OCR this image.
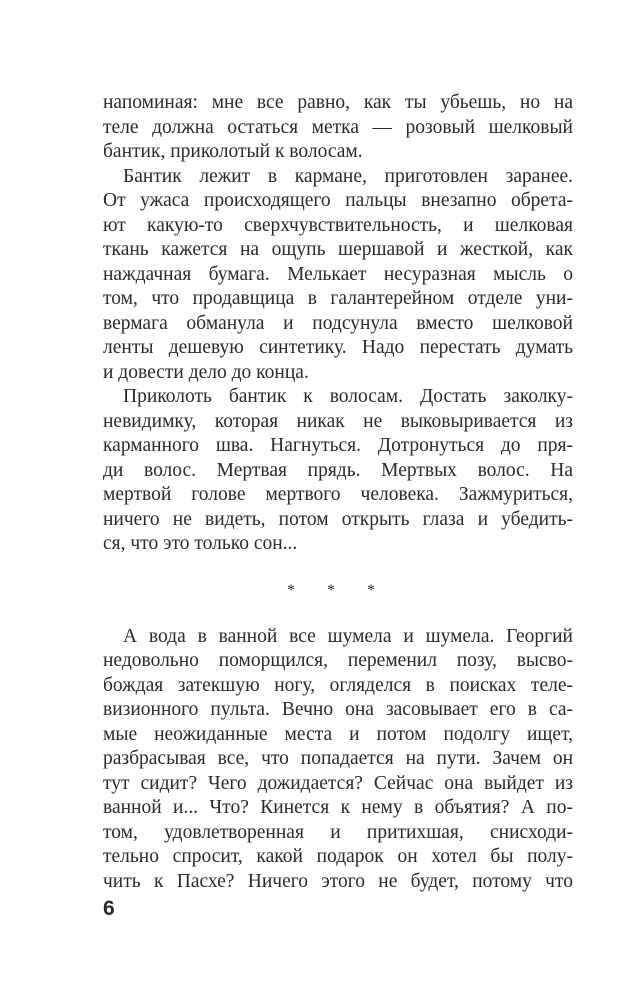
напоминая: мне все равно, как ты убьешь, но на
теле должна остаться метка — розовый шелковый
бантик, приколотый к волосам.
Бантик лежит в кармане, приготовлен заранее.
От ужаса происходящего пальцы внезапно обрета-
ют какую-то сверхчувствительность, и шелковая
ткань кажется на ощупь шершавой и жесткой, как
наждачная бумага. Мелькает несуразная мысль о
том, что продавщица в галантерейном отделе уни-
вермага обманула и подсунула вместо шелковой
ленты дешевую синтетику. Надо перестать думать
и довести дело до конца.
Приколоть бантик к волосам. Достать заколку-
невидимку, которая никак не выковыривается из
карманного шва. Нагнуться. Дотронуться до пря-
ди волос. Мертвая прядь. Мертвых волос. На
мертвой голове мертвого человека. Зажмуриться,
ничего не видеть, потом открыть глаза и убедить-
ся, что это только сон...
* * *
А вода в ванной все шумела и шумела. Георгий
недовольно поморщился, переменил позу, высво-
бождая затекшую ногу, огляделся в поисках теле-
визионного пульта. Вечно она засовывает его в са-
мые неожиданные места и потом подолгу ищет,
разбрасывая все, что попадается на пути. Зачем он
тут сидит? Чего дожидается? Сейчас она выйдет из
ванной и... Что? Кинется к нему в объятия? А по-
том, удовлетворенная и притихшая, снисходи-
тельно спросит, какой подарок он хотел бы полу-
чить к Пасхе? Ничего этого не будет, потому что
6
